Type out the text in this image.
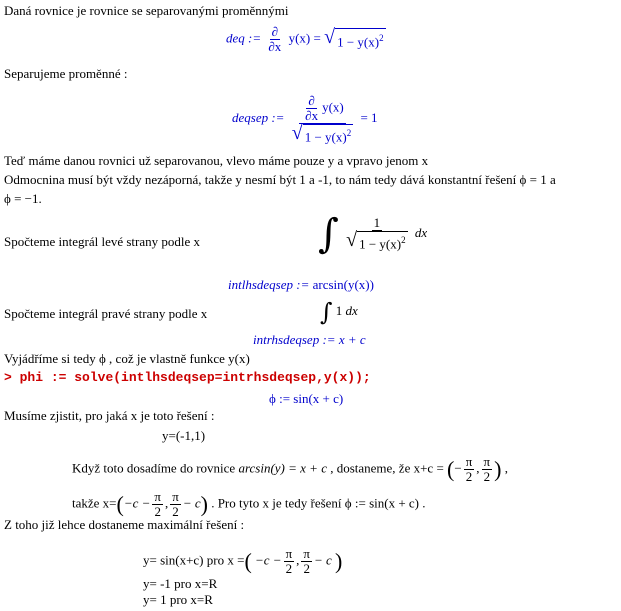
Daná rovnice je rovnice se separovanými proměnnými
deq := $\frac{\partial}{\partial x} y(x)$ = √ $1 - y(x)^2$
Separujeme proměnné :
deqsep := $\frac{\frac{\partial}{\partial x} y(x)}{√ 1 - y(x)^2} = 1$
Teď máme danou rovnici už separovanou, vlevo máme pouze y a vpravo jenom x
Odmocnina musí být vždy nezáporná, takže y nesmí být 1 a -1, to nám tedy dává konstantní řešení ϕ = 1 a
ϕ = −1.
Spočteme integrál levé strany podle x	∫ $\frac{1}{√ 1 - y(x)^2}$ dx
intlhsdeqsep := arcsin(y(x))
Spočteme integrál pravé strany podle x	∫ 1 dx
intrhsdeqsep := x + c
Vyjádříme si tedy ϕ , což je vlastně funkce y(x)
> phi := solve(intlhsdeqsep=intrhsdeqsep,y(x));
ϕ := sin(x + c)
Musíme zjistit, pro jaká x je toto řešení :
y=(-1,1)
Když toto dosadíme do rovnice arcsin(y) = x + c , dostaneme, že x+c = (− $\frac{\pi}{2}$ , $\frac{\pi}{2}$ ) ,
takže $x=(-c - \frac{\pi}{2}$ , $\frac{\pi}{2} - c$) . Pro tyto x je tedy řešení ϕ := sin(x + c) .
Z toho již lehce dostaneme maximální řešení :
y= sin(x+c) pro x =( $-c - \frac{\pi}{2}$ , $\frac{\pi}{2} - c$ )
y= -1 pro x=R
y= 1 pro x=R
